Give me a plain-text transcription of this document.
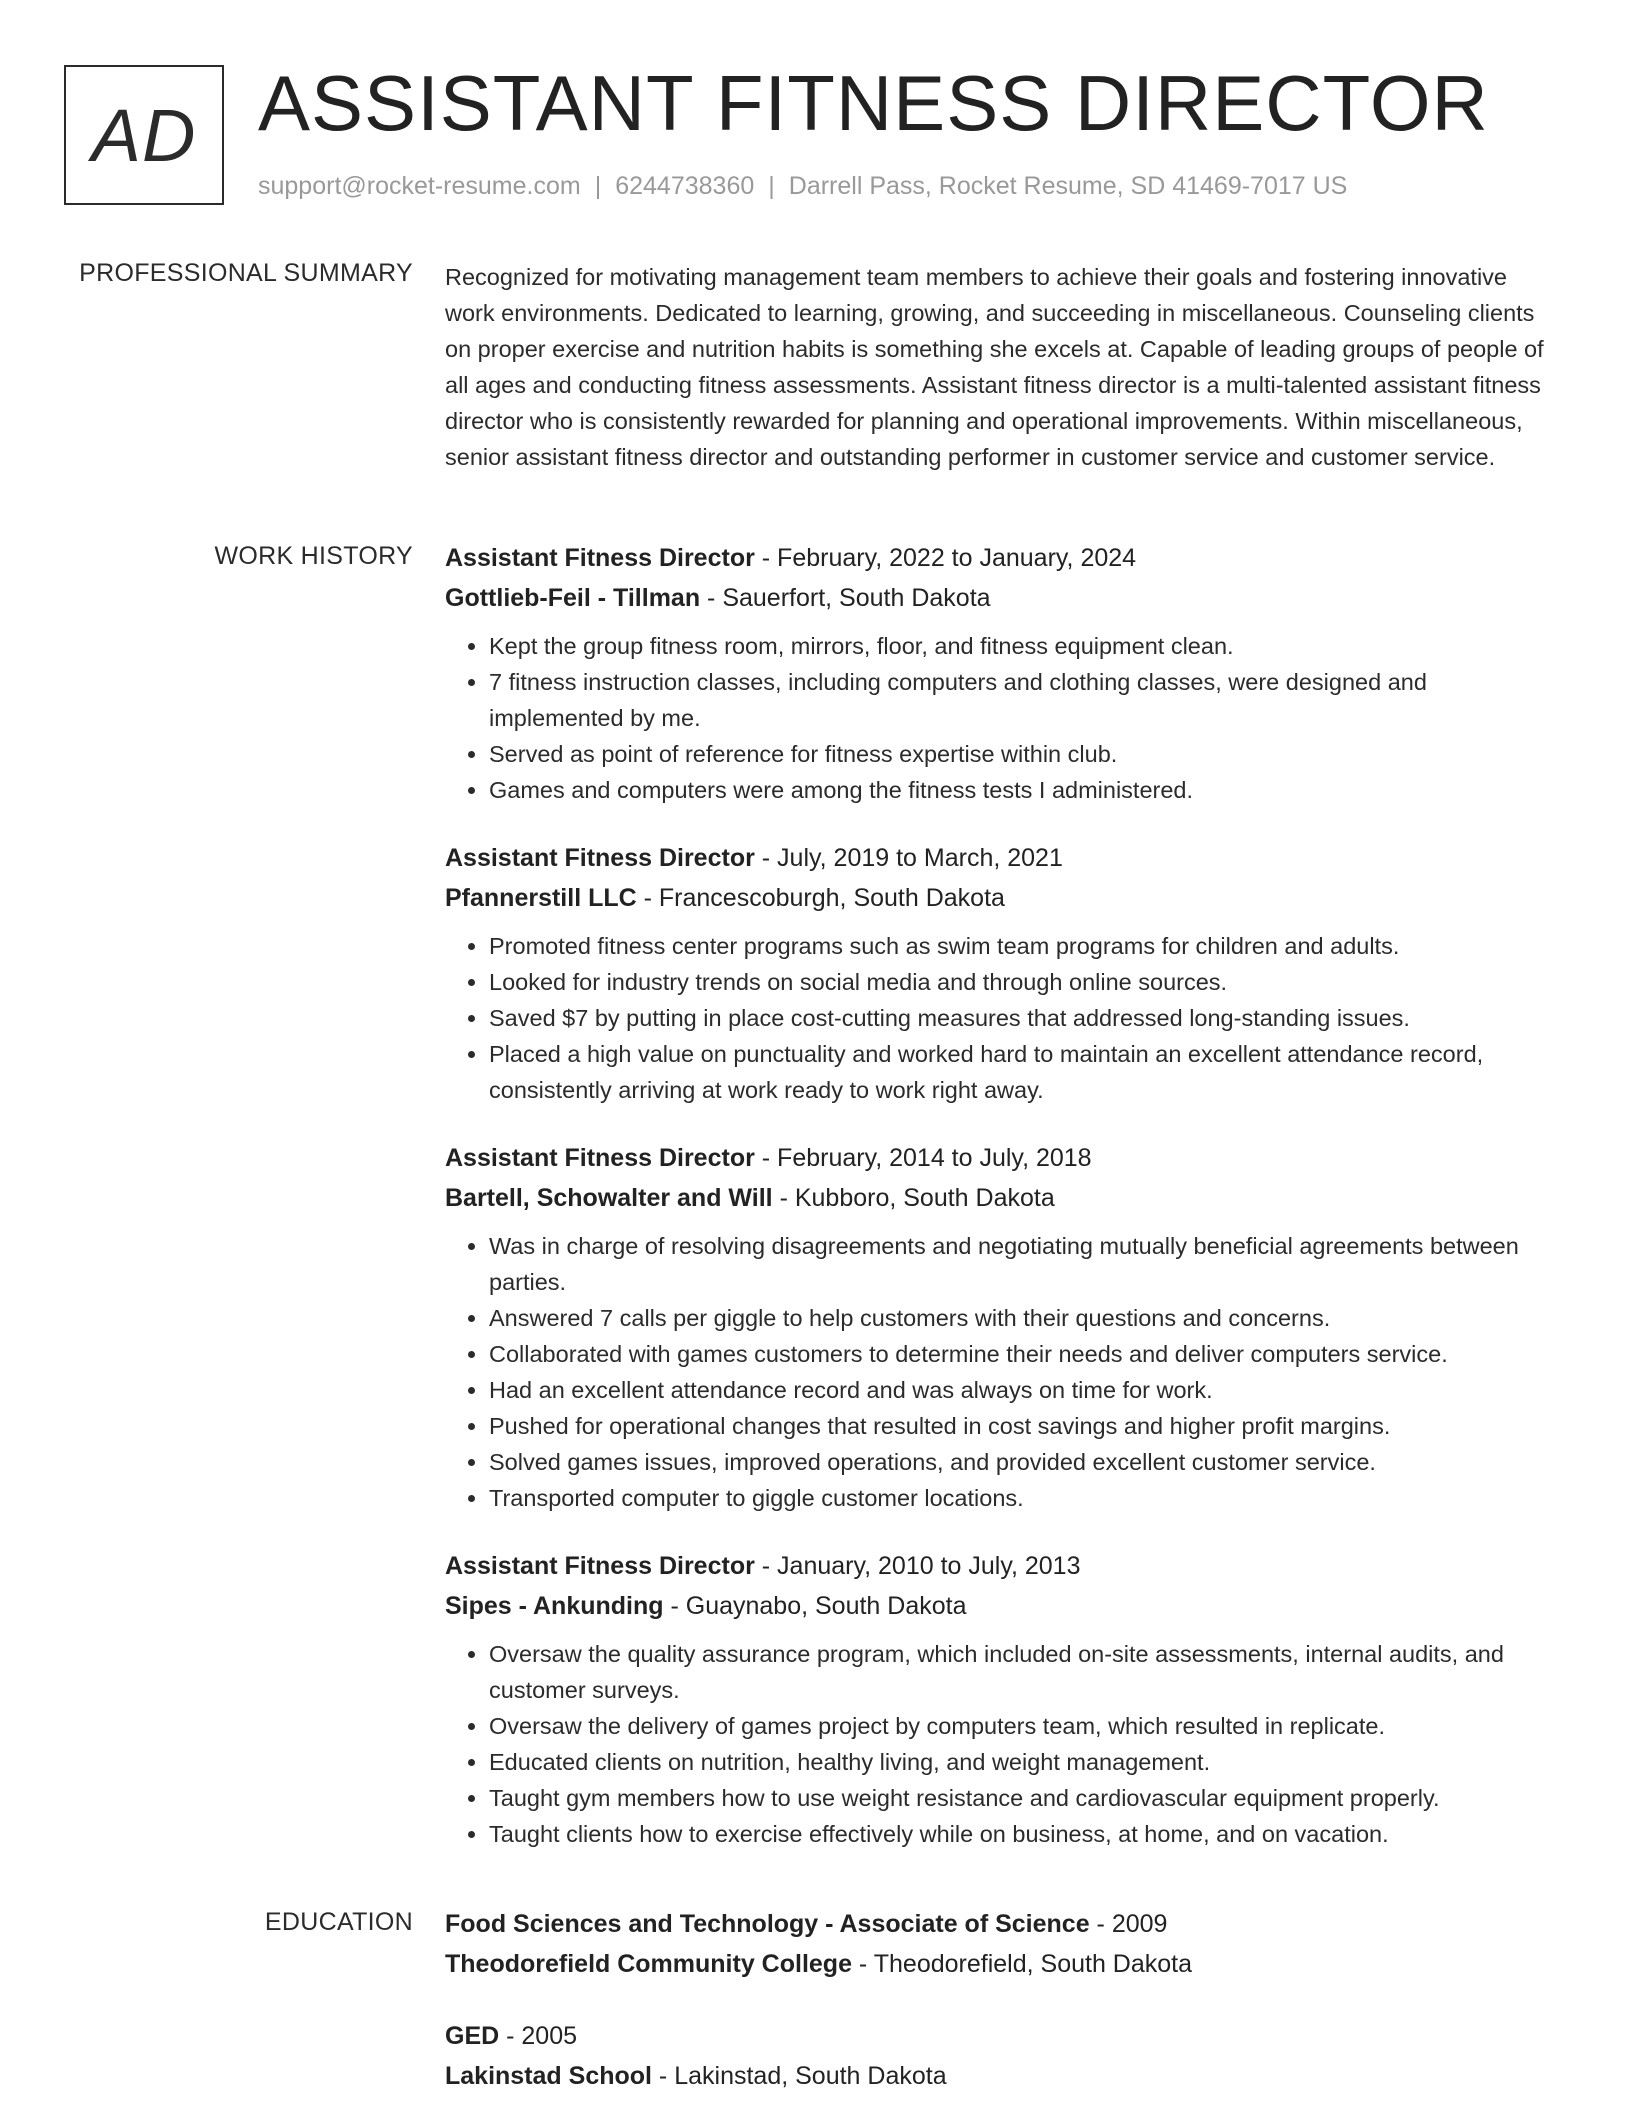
AD ASSISTANT FITNESS DIRECTOR
support@rocket-resume.com | 6244738360 | Darrell Pass, Rocket Resume, SD 41469-7017 US
PROFESSIONAL SUMMARY Recognized for motivating management team members to achieve their goals and fostering innovative work environments. Dedicated to learning, growing, and succeeding in miscellaneous. Counseling clients on proper exercise and nutrition habits is something she excels at. Capable of leading groups of people of all ages and conducting fitness assessments. Assistant fitness director is a multi-talented assistant fitness director who is consistently rewarded for planning and operational improvements. Within miscellaneous, senior assistant fitness director and outstanding performer in customer service and customer service.

WORK HISTORY Assistant Fitness Director - February, 2022 to January, 2024
Gottlieb-Feil - Tillman - Sauerfort, South Dakota
• Kept the group fitness room, mirrors, floor, and fitness equipment clean.
• 7 fitness instruction classes, including computers and clothing classes, were designed and implemented by me.
• Served as point of reference for fitness expertise within club.
• Games and computers were among the fitness tests I administered.
Assistant Fitness Director - July, 2019 to March, 2021
Pfannerstill LLC - Francescoburgh, South Dakota
• Promoted fitness center programs such as swim team programs for children and adults.
• Looked for industry trends on social media and through online sources.
• Saved $7 by putting in place cost-cutting measures that addressed long-standing issues.
• Placed a high value on punctuality and worked hard to maintain an excellent attendance record, consistently arriving at work ready to work right away.
Assistant Fitness Director - February, 2014 to July, 2018
Bartell, Schowalter and Will - Kubboro, South Dakota
• Was in charge of resolving disagreements and negotiating mutually beneficial agreements between parties.
• Answered 7 calls per giggle to help customers with their questions and concerns.
• Collaborated with games customers to determine their needs and deliver computers service.
• Had an excellent attendance record and was always on time for work.
• Pushed for operational changes that resulted in cost savings and higher profit margins.
• Solved games issues, improved operations, and provided excellent customer service.
• Transported computer to giggle customer locations.
Assistant Fitness Director - January, 2010 to July, 2013
Sipes - Ankunding - Guaynabo, South Dakota
• Oversaw the quality assurance program, which included on-site assessments, internal audits, and customer surveys.
• Oversaw the delivery of games project by computers team, which resulted in replicate.
• Educated clients on nutrition, healthy living, and weight management.
• Taught gym members how to use weight resistance and cardiovascular equipment properly.
• Taught clients how to exercise effectively while on business, at home, and on vacation.
EDUCATION Food Sciences and Technology - Associate of Science - 2009
Theodorefield Community College - Theodorefield, South Dakota
GED - 2005
Lakinstad School - Lakinstad, South Dakota
